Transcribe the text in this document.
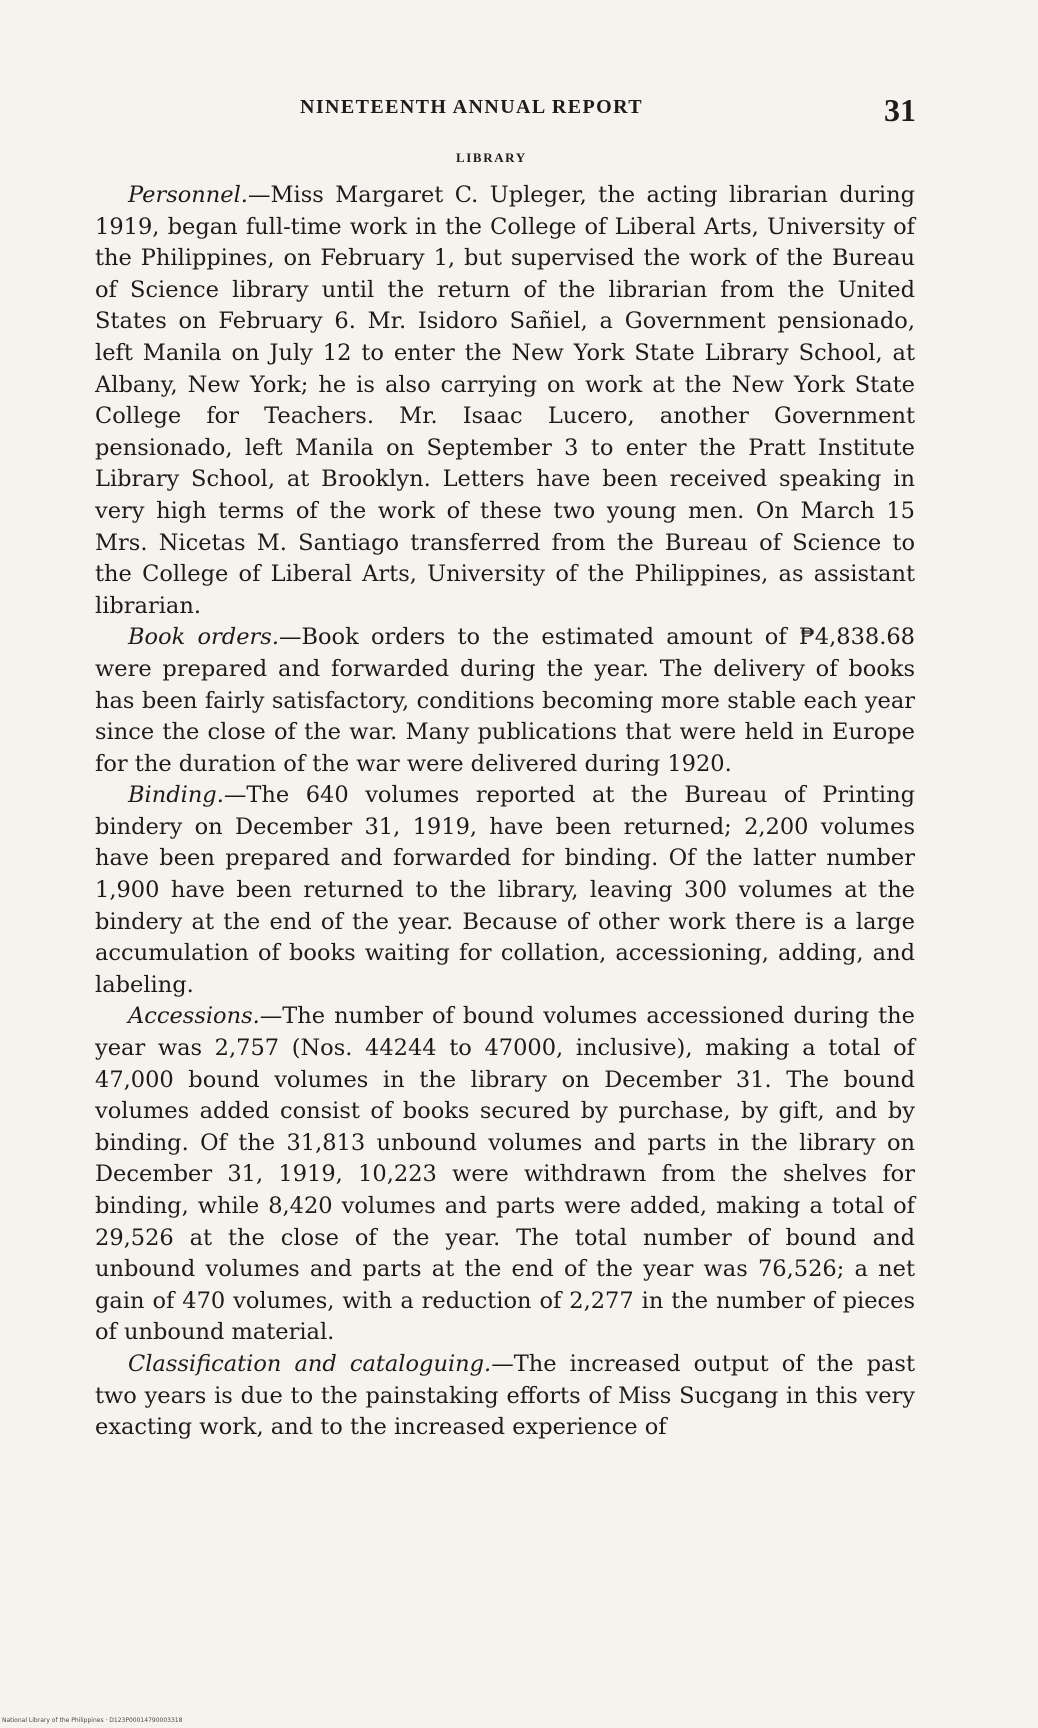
NINETEENTH ANNUAL REPORT	31
LIBRARY

Personnel.—Miss Margaret C. Upleger, the acting librarian during 1919, began full-time work in the College of Liberal Arts, University of the Philippines, on February 1, but supervised the work of the Bureau of Science library until the return of the librarian from the United States on February 6. Mr. Isidoro Sañiel, a Government pensionado, left Manila on July 12 to enter the New York State Library School, at Albany, New York; he is also carrying on work at the New York State College for Teachers. Mr. Isaac Lucero, another Government pensionado, left Manila on September 3 to enter the Pratt Institute Library School, at Brooklyn. Letters have been received speaking in very high terms of the work of these two young men. On March 15 Mrs. Nicetas M. Santiago transferred from the Bureau of Science to the College of Liberal Arts, University of the Philippines, as assistant librarian.

Book orders.—Book orders to the estimated amount of ₱4,838.68 were prepared and forwarded during the year. The delivery of books has been fairly satisfactory, conditions becoming more stable each year since the close of the war. Many publications that were held in Europe for the duration of the war were delivered during 1920.

Binding.—The 640 volumes reported at the Bureau of Printing bindery on December 31, 1919, have been returned; 2,200 volumes have been prepared and forwarded for binding. Of the latter number 1,900 have been returned to the library, leaving 300 volumes at the bindery at the end of the year. Because of other work there is a large accumulation of books waiting for collation, accessioning, adding, and labeling.

Accessions.—The number of bound volumes accessioned during the year was 2,757 (Nos. 44244 to 47000, inclusive), making a total of 47,000 bound volumes in the library on December 31. The bound volumes added consist of books secured by purchase, by gift, and by binding. Of the 31,813 unbound volumes and parts in the library on December 31, 1919, 10,223 were withdrawn from the shelves for binding, while 8,420 volumes and parts were added, making a total of 29,526 at the close of the year. The total number of bound and unbound volumes and parts at the end of the year was 76,526; a net gain of 470 volumes, with a reduction of 2,277 in the number of pieces of unbound material.

Classification and cataloguing.—The increased output of the past two years is due to the painstaking efforts of Miss Sucgang in this very exacting work, and to the increased experience of

National Library of the Philippines · D123P00014790003318
